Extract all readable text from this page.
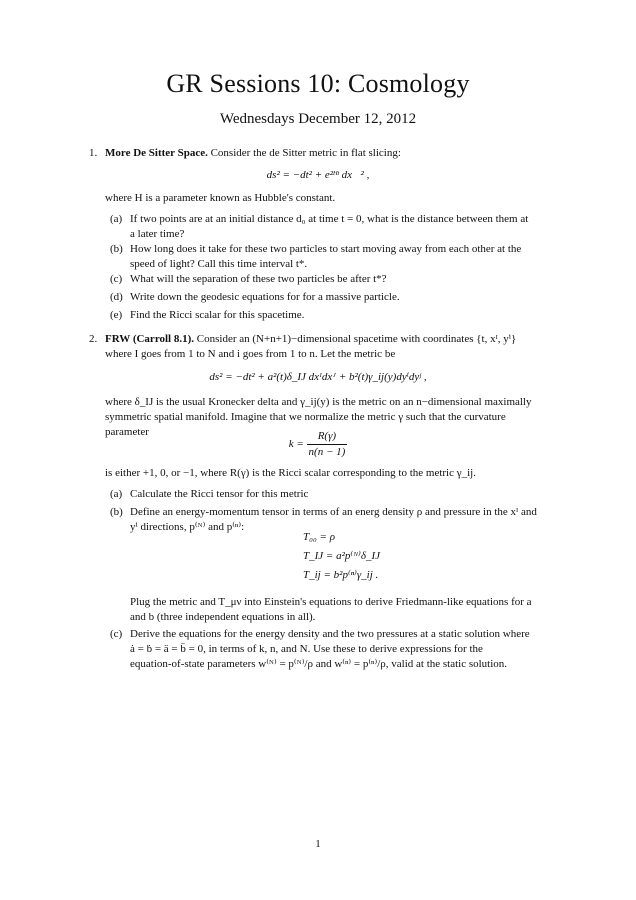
GR Sessions 10: Cosmology
Wednesdays December 12, 2012
1. More De Sitter Space. Consider the de Sitter metric in flat slicing:
ds² = −dt² + e²ᴴᵗ dx⃗² ,
where H is a parameter known as Hubble's constant.
(a) If two points are at an initial distance d₀ at time t = 0, what is the distance between them at
a later time?
(b) How long does it take for these two particles to start moving away from each other at the
speed of light? Call this time interval t*.
(c) What will the separation of these two particles be after t*?
(d) Write down the geodesic equations for for a massive particle.
(e) Find the Ricci scalar for this spacetime.
2. FRW (Carroll 8.1). Consider an (N+n+1)−dimensional spacetime with coordinates {t, xᴵ, yⁱ}
where I goes from 1 to N and i goes from 1 to n. Let the metric be
ds² = −dt² + a²(t)δ_IJ dxᴵdxᴶ + b²(t)γ_ij(y)dyⁱdyʲ ,
where δ_IJ is the usual Kronecker delta and γ_ij(y) is the metric on an n−dimensional maximally
symmetric spatial manifold. Imagine that we normalize the metric γ such that the curvature
parameter
$k = \frac{R(\gamma)}{n(n - 1)}$
is either +1, 0, or −1, where R(γ) is the Ricci scalar corresponding to the metric γ_ij.
(a) Calculate the Ricci tensor for this metric
(b) Define an energy-momentum tensor in terms of an energ density ρ and pressure in the xᴵ and
yⁱ directions, p⁽ᴺ⁾ and p⁽ⁿ⁾:
T₀₀ = ρ
T_IJ = a²p⁽ᴺ⁾δ_IJ
T_ij = b²p⁽ⁿ⁾γ_ij .
Plug the metric and T_μν into Einstein's equations to derive Friedmann-like equations for a
and b (three independent equations in all).
(c) Derive the equations for the energy density and the two pressures at a static solution where
ȧ = ḃ = ä = b̈ = 0, in terms of k, n, and N. Use these to derive expressions for the
equation-of-state parameters w⁽ᴺ⁾ = p⁽ᴺ⁾/ρ and w⁽ⁿ⁾ = p⁽ⁿ⁾/ρ, valid at the static solution.
1
